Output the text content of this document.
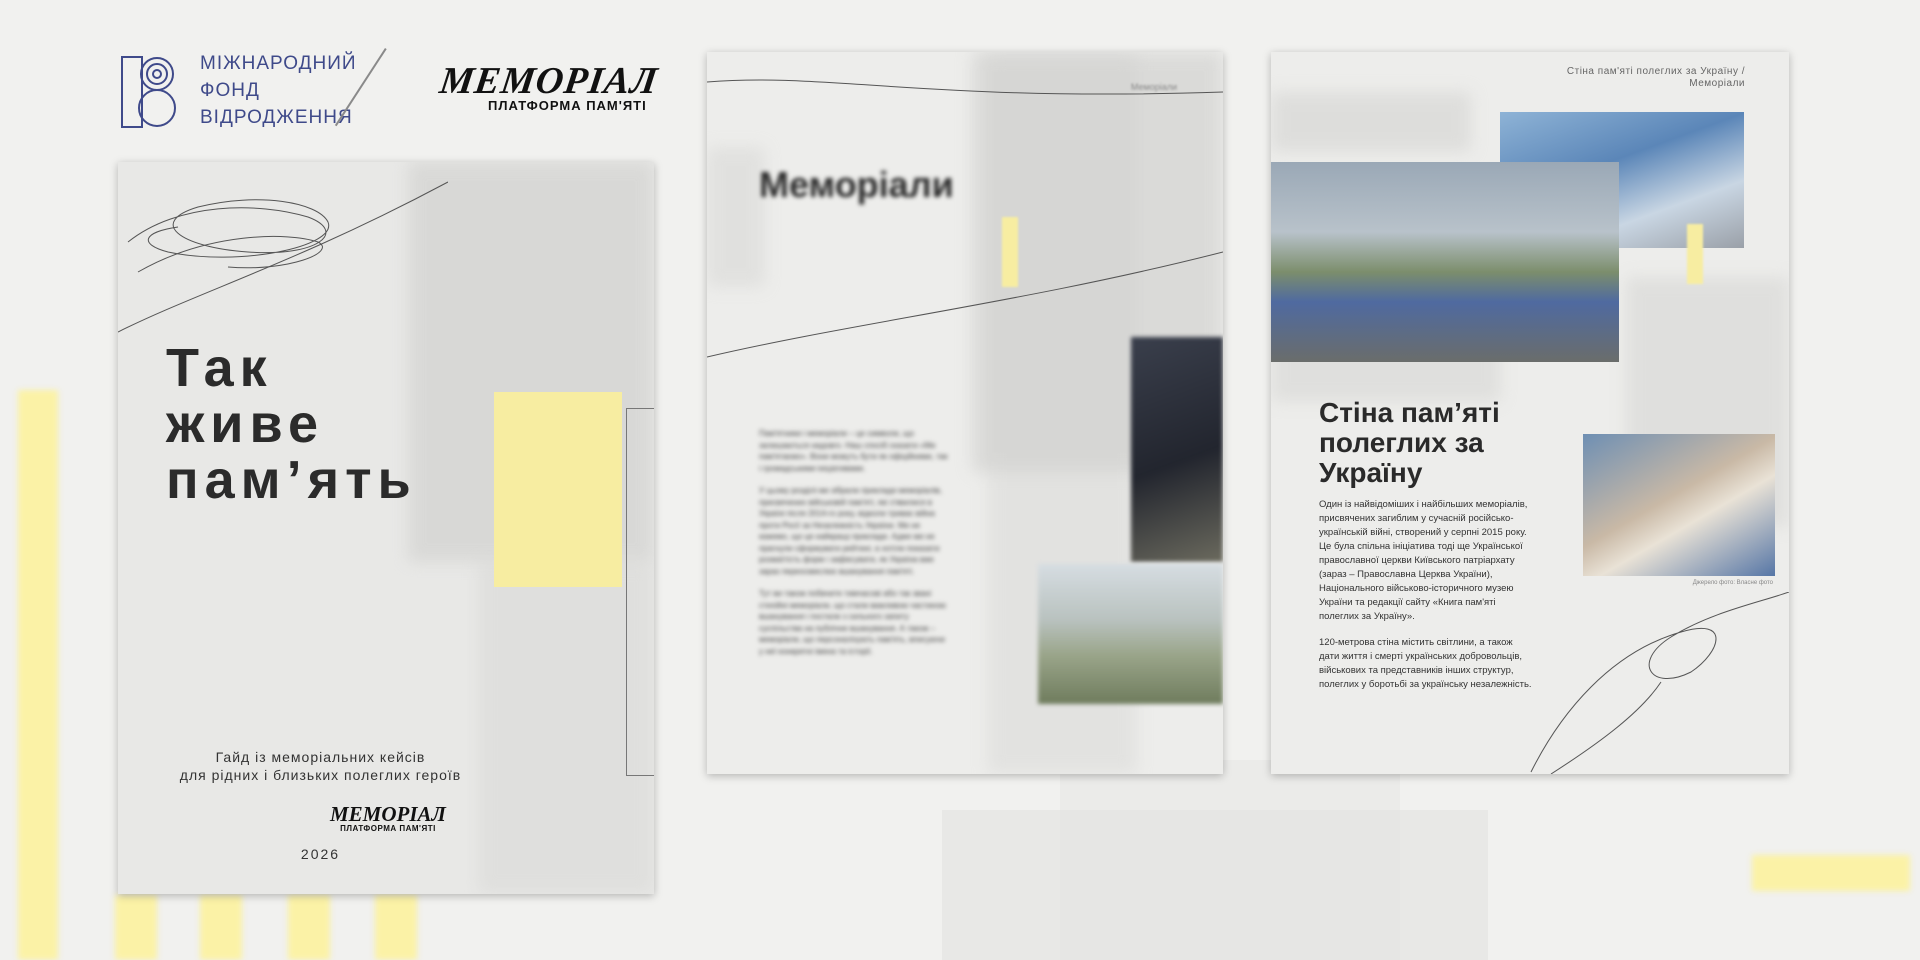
МІЖНАРОДНИЙ
ФОНД
ВІДРОДЖЕННЯ
МЕМОРІАЛ
ПЛАТФОРМА ПАМ'ЯТІ
Так
живе
пам’ять
Гайд із меморіальних кейсів
для рідних і близьких полеглих героїв
МЕМОРІАЛ
ПЛАТФОРМА ПАМ'ЯТІ
2026
Меморіали
Меморіали

Пам'ятники і меморіали – це символи, що залишаються надовго. Наш спосіб сказати «Ми пам'ятаємо». Вони можуть бути як офіційними, так і громадськими ініціативами.

У цьому розділі ми зібрали приклади меморіалів, присвячених військовій пам'яті, які з'явилися в Україні після 2014-го року, відколи триває війна проти Росії за Незалежність України. Ми не кажемо, що це найкращі приклади. Адже ми не прагнули сформувати рейтинг, а хотіли показати розмаїтість форм і зафіксувати, як Україна вже зараз переосмислює вшанування пам'яті.

Тут ви також побачите тимчасові або так звані стихійні меморіали, що стали важливою частиною вшанування і постали з сильного запиту суспільства на публічне вшанування. А також – меморіали, що персоналізують пам'ять, вписуючи у неї конкретні імена та історії.

Стіна пам'яті полеглих за Україну /
Меморіали
Стіна пам’яті
полеглих за
Україну
Джерело фото: Власне фото

Один із найвідоміших і найбільших меморіалів, присвячених загиблим у сучасній російсько-українській війні, створений у серпні 2015 року. Це була спільна ініціатива тоді ще Української православної церкви Київського патріархату (зараз – Православна Церква України), Національного військово-історичного музею України та редакції сайту «Книга пам'яті полеглих за Україну».

120-метрова стіна містить світлини, а також дати життя і смерті українських добровольців, військових та представників інших структур, полеглих у боротьбі за українську незалежність.
